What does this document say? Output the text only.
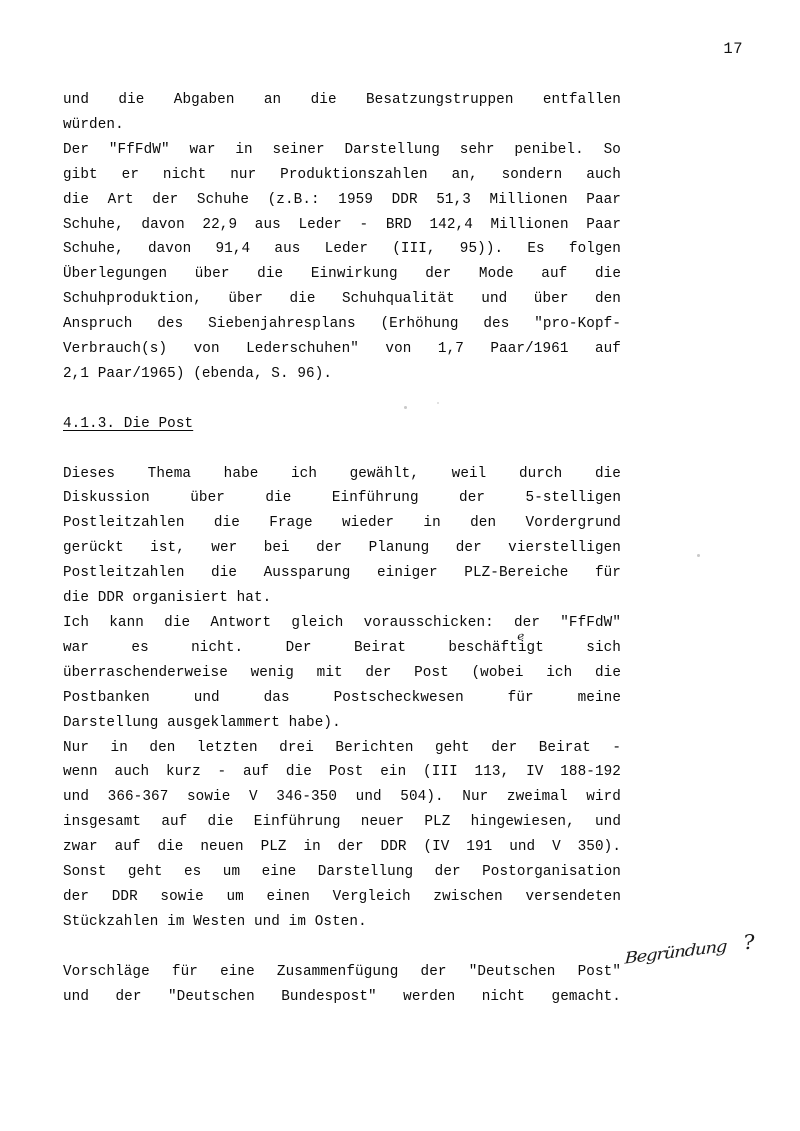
17
und die Abgaben an die Besatzungstruppen entfallen
würden.
Der "FfFdW" war in seiner Darstellung sehr penibel. So
gibt er nicht nur Produktionszahlen an, sondern auch
die Art der Schuhe (z.B.: 1959 DDR 51,3 Millionen Paar
Schuhe, davon 22,9 aus Leder - BRD 142,4 Millionen Paar
Schuhe, davon 91,4 aus Leder (III, 95)). Es folgen
Überlegungen über die Einwirkung der Mode auf die
Schuhproduktion, über die Schuhqualität und über den
Anspruch des Siebenjahresplans (Erhöhung des "pro-Kopf-
Verbrauch(s) von Lederschuhen" von 1,7 Paar/1961 auf
2,1 Paar/1965) (ebenda, S. 96).
4.1.3. Die Post
Dieses Thema habe ich gewählt, weil durch die
Diskussion über die Einführung der 5-stelligen
Postleitzahlen die Frage wieder in den Vordergrund
gerückt ist, wer bei der Planung der vierstelligen
Postleitzahlen die Aussparung einiger PLZ-Bereiche für
die DDR organisiert hat.
Ich kann die Antwort gleich vorausschicken: der "FfFdW"
war es nicht. Der Beirat beschäftigt sich
überraschenderweise wenig mit der Post (wobei ich die
Postbanken und das Postscheckwesen für meine
Darstellung ausgeklammert habe).
Nur in den letzten drei Berichten geht der Beirat -
wenn auch kurz - auf die Post ein (III 113, IV 188-192
und 366-367 sowie V 346-350 und 504). Nur zweimal wird
insgesamt auf die Einführung neuer PLZ hingewiesen, und
zwar auf die neuen PLZ in der DDR (IV 191 und V 350).
Sonst geht es um eine Darstellung der Postorganisation
der DDR sowie um einen Vergleich zwischen versendeten
Stückzahlen im Westen und im Osten.
Vorschläge für eine Zusammenfügung der "Deutschen Post"
und der "Deutschen Bundespost" werden nicht gemacht.
e
Begründung ?
